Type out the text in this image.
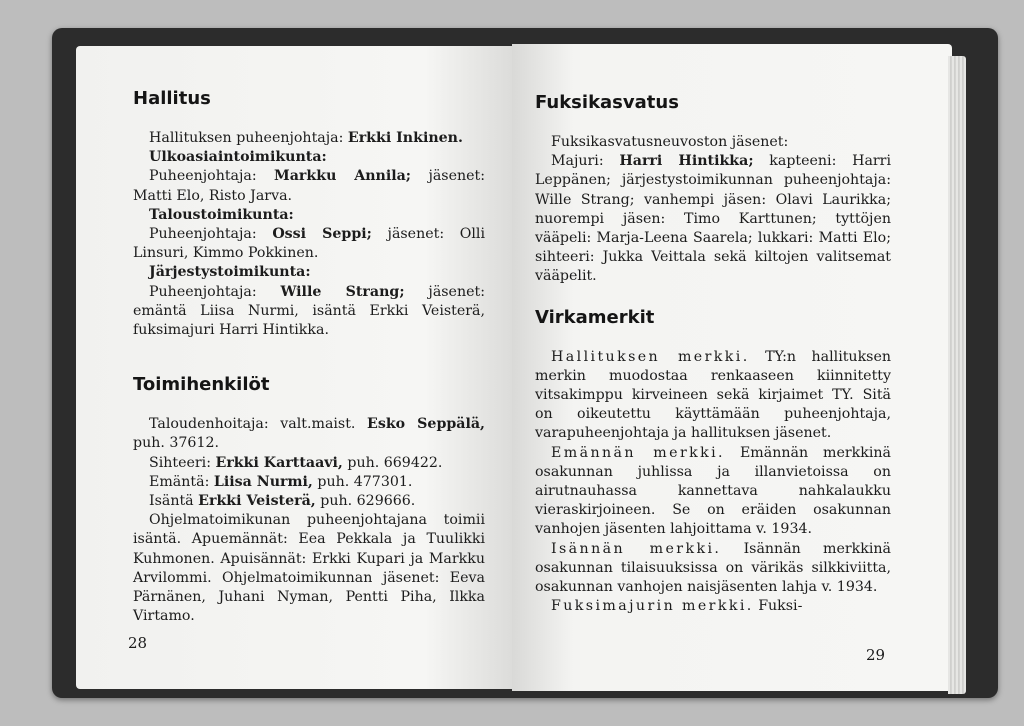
Hallitus

Hallituksen puheenjohtaja: Erkki Inkinen.

Ulkoasiaintoimikunta:

Puheenjohtaja: Markku Annila; jäsenet: Matti Elo, Risto Jarva.

Taloustoimikunta:

Puheenjohtaja: Ossi Seppi; jäsenet: Olli Linsuri, Kimmo Pokkinen.

Järjestystoimikunta:

Puheenjohtaja: Wille Strang; jäsenet: emäntä Liisa Nurmi, isäntä Erkki Veisterä, fuksimajuri Harri Hintikka.

Toimihenkilöt

Taloudenhoitaja: valt.maist. Esko Seppälä, puh. 37612.

Sihteeri: Erkki Karttaavi, puh. 669422.

Emäntä: Liisa Nurmi, puh. 477301.

Isäntä Erkki Veisterä, puh. 629666.

Ohjelmatoimikunan puheenjohtajana toimii isäntä. Apuemännät: Eea Pekkala ja Tuulikki Kuhmonen. Apuisännät: Erkki Kupari ja Markku Arvilommi. Ohjelmatoimikunnan jäsenet: Eeva Pärnänen, Juhani Nyman, Pentti Piha, Ilkka Virtamo.

28
Fuksikasvatus

Fuksikasvatusneuvoston jäsenet:

Majuri: Harri Hintikka; kapteeni: Harri Leppänen; järjestystoimikunnan puheenjohtaja: Wille Strang; vanhempi jäsen: Olavi Laurikka; nuorempi jäsen: Timo Karttunen; tyttöjen vääpeli: Marja-Leena Saarela; lukkari: Matti Elo; sihteeri: Jukka Veittala sekä kiltojen valitsemat vääpelit.

Virkamerkit

Hallituksen merkki. TY:n hallituksen merkin muodostaa renkaaseen kiinnitetty vitsakimppu kirveineen sekä kirjaimet TY. Sitä on oikeutettu käyttämään puheenjohtaja, varapuheenjohtaja ja hallituksen jäsenet.

Emännän merkki. Emännän merkkinä osakunnan juhlissa ja illanvietoissa on airutnauhassa kannettava nahkalaukku vieraskirjoineen. Se on eräiden osakunnan vanhojen jäsenten lahjoittama v. 1934.

Isännän merkki. Isännän merkkinä osakunnan tilaisuuksissa on värikäs silkkiviitta, osakunnan vanhojen naisjäsenten lahja v. 1934.

Fuksimajurin merkki. Fuksi-

29
